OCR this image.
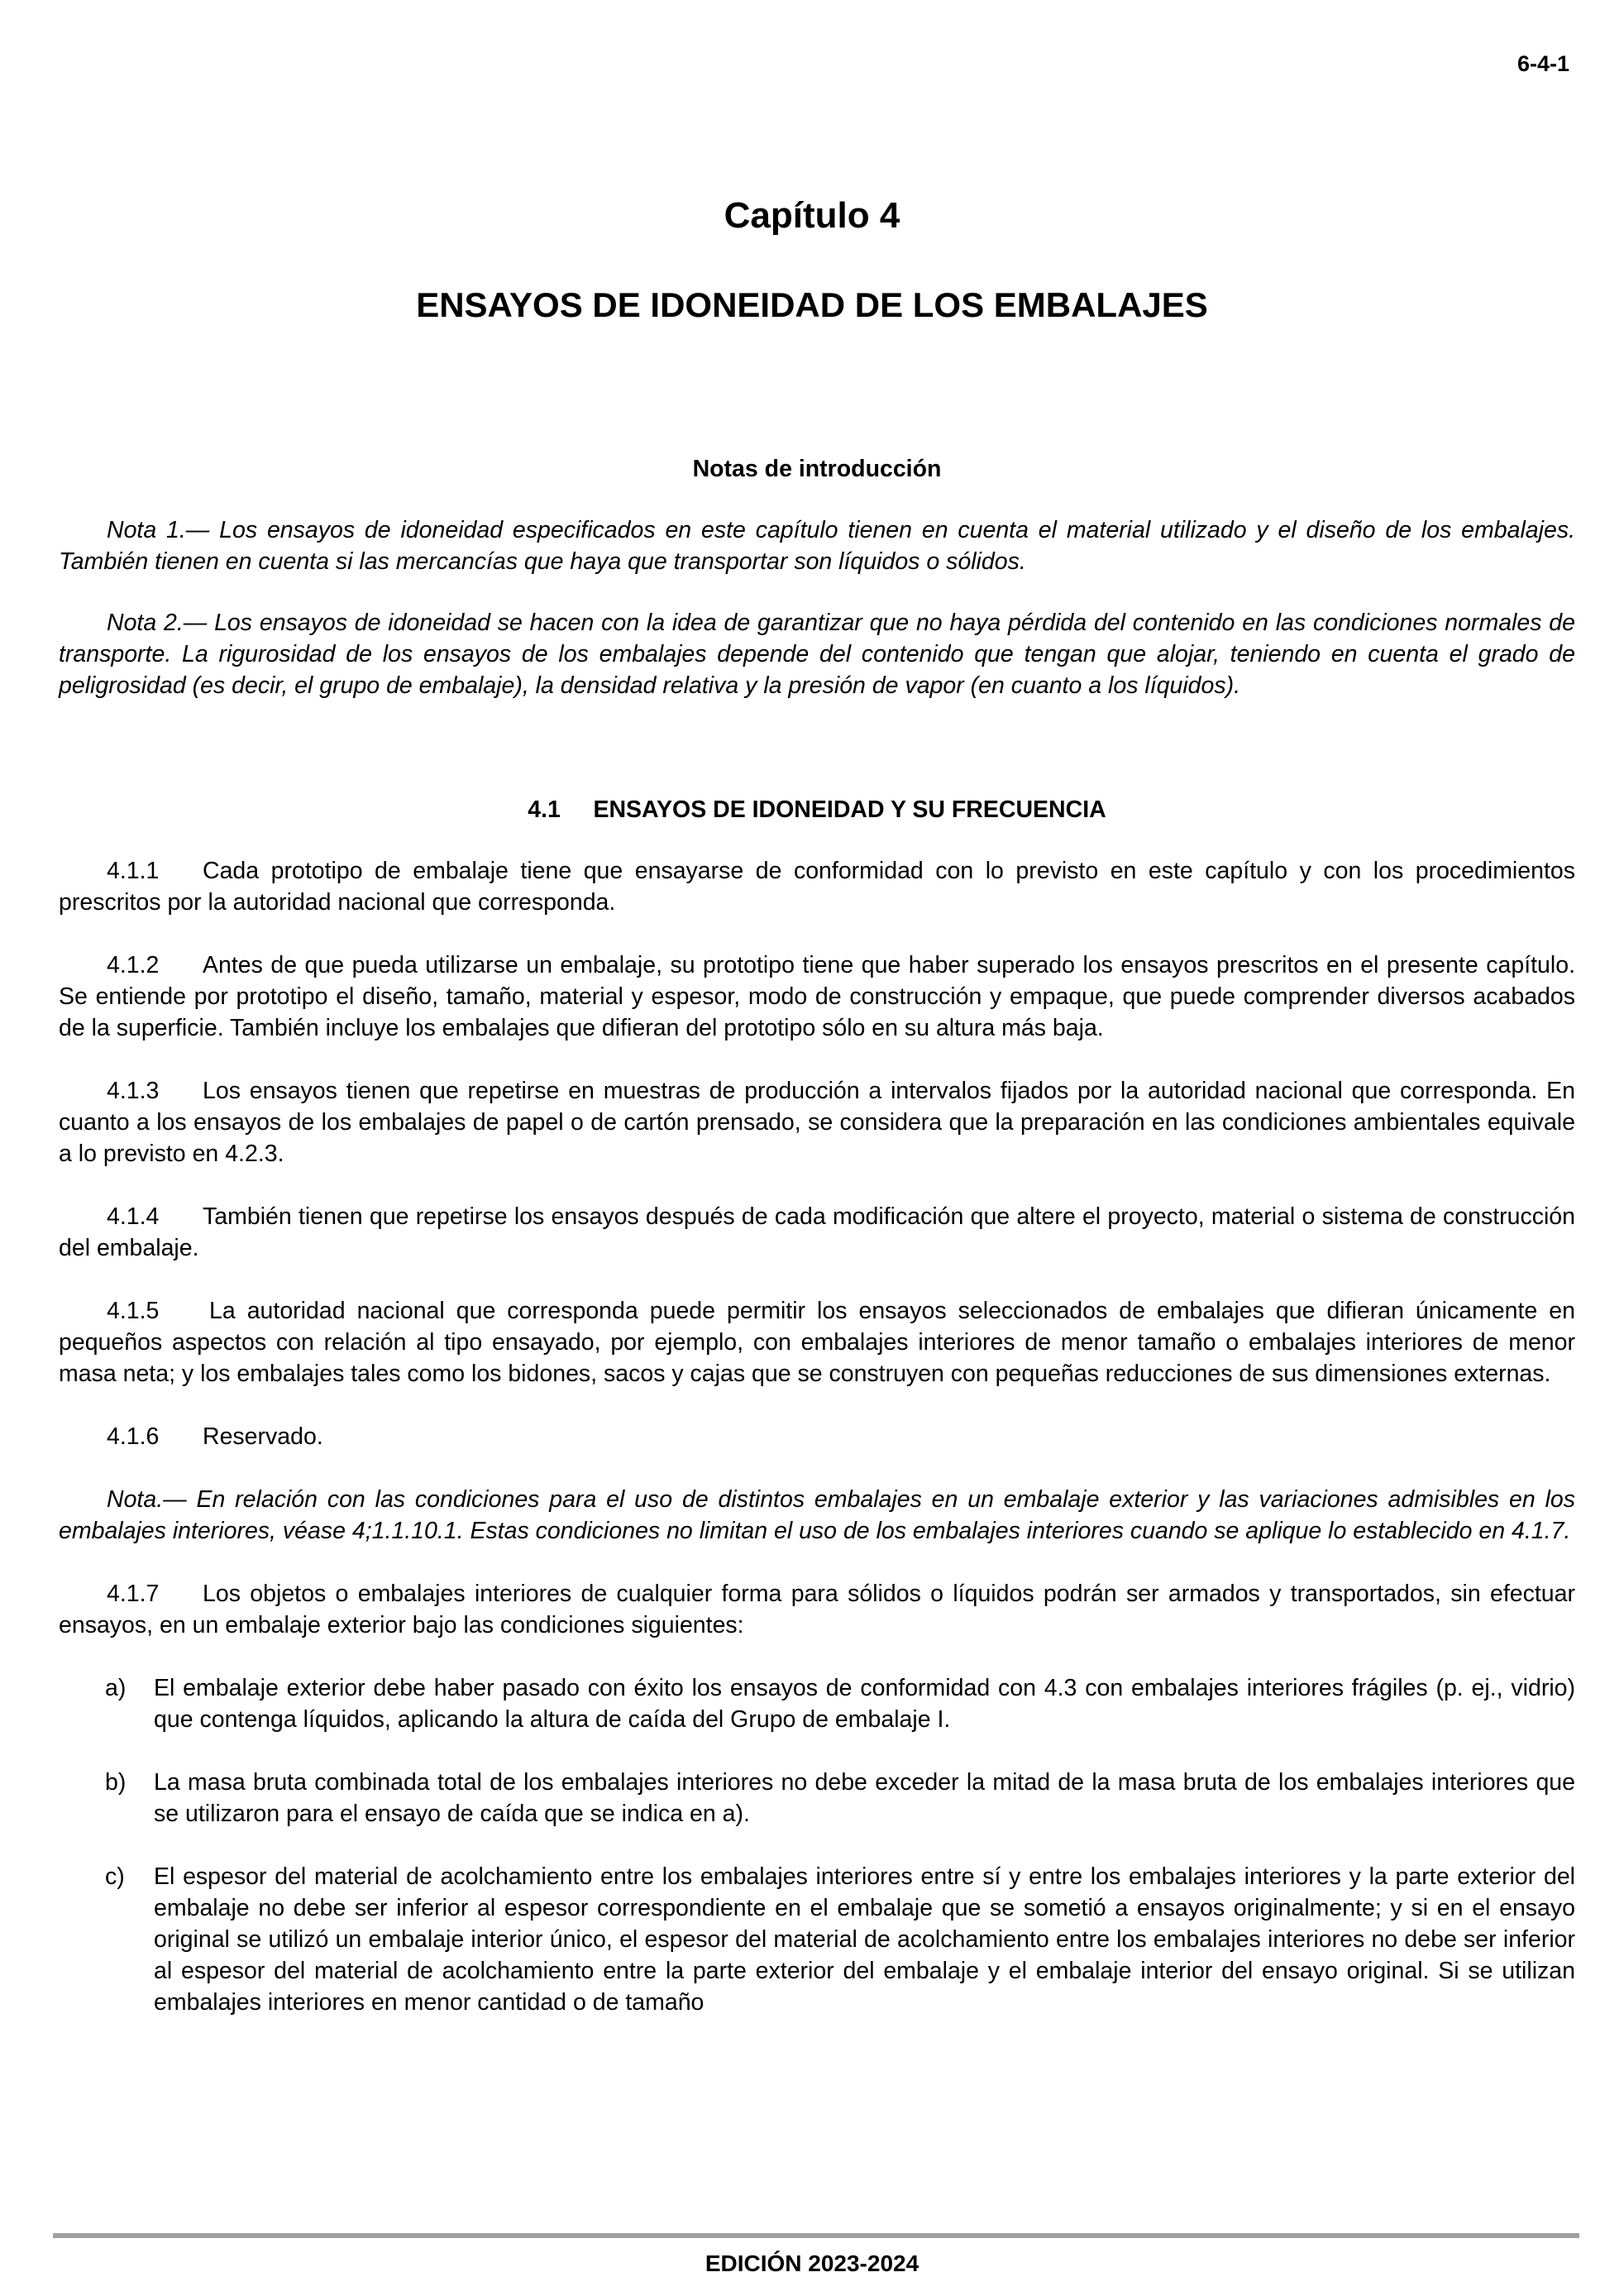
6-4-1
Capítulo 4
ENSAYOS DE IDONEIDAD DE LOS EMBALAJES

Notas de introducción

Nota 1.— Los ensayos de idoneidad especificados en este capítulo tienen en cuenta el material utilizado y el diseño de los embalajes. También tienen en cuenta si las mercancías que haya que transportar son líquidos o sólidos.

Nota 2.— Los ensayos de idoneidad se hacen con la idea de garantizar que no haya pérdida del contenido en las condiciones normales de transporte. La rigurosidad de los ensayos de los embalajes depende del contenido que tengan que alojar, teniendo en cuenta el grado de peligrosidad (es decir, el grupo de embalaje), la densidad relativa y la presión de vapor (en cuanto a los líquidos).

4.1     ENSAYOS DE IDONEIDAD Y SU FRECUENCIA

4.1.1 Cada prototipo de embalaje tiene que ensayarse de conformidad con lo previsto en este capítulo y con los procedimientos prescritos por la autoridad nacional que corresponda.

4.1.2 Antes de que pueda utilizarse un embalaje, su prototipo tiene que haber superado los ensayos prescritos en el presente capítulo. Se entiende por prototipo el diseño, tamaño, material y espesor, modo de construcción y empaque, que puede comprender diversos acabados de la superficie. También incluye los embalajes que difieran del prototipo sólo en su altura más baja.

4.1.3 Los ensayos tienen que repetirse en muestras de producción a intervalos fijados por la autoridad nacional que corresponda. En cuanto a los ensayos de los embalajes de papel o de cartón prensado, se considera que la preparación en las condiciones ambientales equivale a lo previsto en 4.2.3.

4.1.4 También tienen que repetirse los ensayos después de cada modificación que altere el proyecto, material o sistema de construcción del embalaje.

4.1.5 La autoridad nacional que corresponda puede permitir los ensayos seleccionados de embalajes que difieran únicamente en pequeños aspectos con relación al tipo ensayado, por ejemplo, con embalajes interiores de menor tamaño o embalajes interiores de menor masa neta; y los embalajes tales como los bidones, sacos y cajas que se construyen con pequeñas reducciones de sus dimensiones externas.

4.1.6 Reservado.

Nota.— En relación con las condiciones para el uso de distintos embalajes en un embalaje exterior y las variaciones admisibles en los embalajes interiores, véase 4;1.1.10.1. Estas condiciones no limitan el uso de los embalajes interiores cuando se aplique lo establecido en 4.1.7.

4.1.7 Los objetos o embalajes interiores de cualquier forma para sólidos o líquidos podrán ser armados y transportados, sin efectuar ensayos, en un embalaje exterior bajo las condiciones siguientes:

a) El embalaje exterior debe haber pasado con éxito los ensayos de conformidad con 4.3 con embalajes interiores frágiles (p. ej., vidrio) que contenga líquidos, aplicando la altura de caída del Grupo de embalaje I.

b) La masa bruta combinada total de los embalajes interiores no debe exceder la mitad de la masa bruta de los embalajes interiores que se utilizaron para el ensayo de caída que se indica en a).

c) El espesor del material de acolchamiento entre los embalajes interiores entre sí y entre los embalajes interiores y la parte exterior del embalaje no debe ser inferior al espesor correspondiente en el embalaje que se sometió a ensayos originalmente; y si en el ensayo original se utilizó un embalaje interior único, el espesor del material de acolchamiento entre los embalajes interiores no debe ser inferior al espesor del material de acolchamiento entre la parte exterior del embalaje y el embalaje interior del ensayo original. Si se utilizan embalajes interiores en menor cantidad o de tamaño

EDICIÓN 2023-2024
